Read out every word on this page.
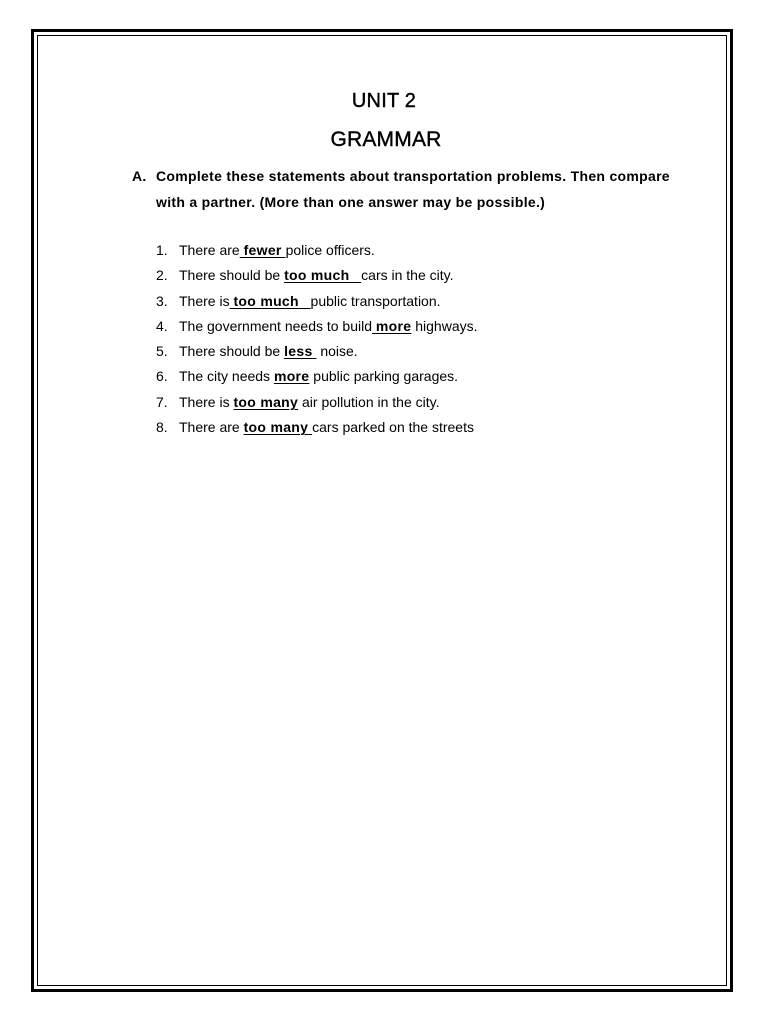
UNIT 2
GRAMMAR
A. Complete these statements about transportation problems. Then compare with a partner. (More than one answer may be possible.)
1. There are fewer police officers.
2. There should be too much cars in the city.
3. There is too much public transportation.
4. The government needs to build more highways.
5. There should be less noise.
6. The city needs more public parking garages.
7. There is too many air pollution in the city.
8. There are too many cars parked on the streets
